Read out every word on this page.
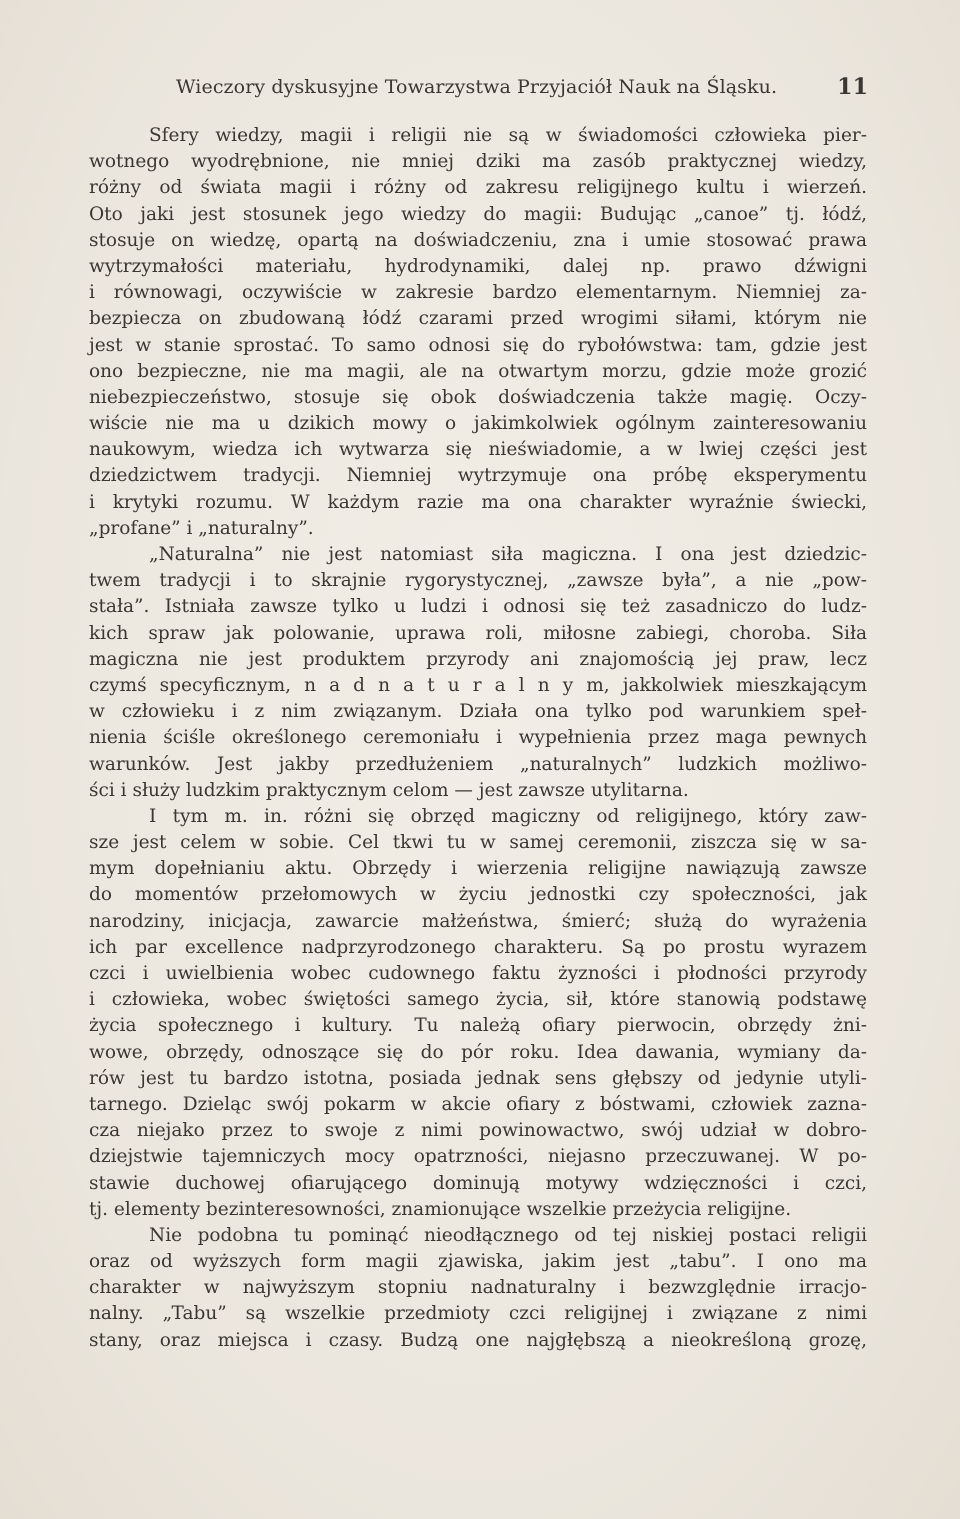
Wieczory dyskusyjne Towarzystwa Przyjaciół Nauk na Śląsku.	11
Sfery wiedzy, magii i religii nie są w świadomości człowieka pier-
wotnego wyodrębnione, nie mniej dziki ma zasób praktycznej wiedzy,
różny od świata magii i różny od zakresu religijnego kultu i wierzeń.
Oto jaki jest stosunek jego wiedzy do magii: Budując „canoe” tj. łódź,
stosuje on wiedzę, opartą na doświadczeniu, zna i umie stosować prawa
wytrzymałości materiału, hydrodynamiki, dalej np. prawo dźwigni
i równowagi, oczywiście w zakresie bardzo elementarnym. Niemniej za-
bezpiecza on zbudowaną łódź czarami przed wrogimi siłami, którym nie
jest w stanie sprostać. To samo odnosi się do rybołówstwa: tam, gdzie jest
ono bezpieczne, nie ma magii, ale na otwartym morzu, gdzie może grozić
niebezpieczeństwo, stosuje się obok doświadczenia także magię. Oczy-
wiście nie ma u dzikich mowy o jakimkolwiek ogólnym zainteresowaniu
naukowym, wiedza ich wytwarza się nieświadomie, a w lwiej części jest
dziedzictwem tradycji. Niemniej wytrzymuje ona próbę eksperymentu
i krytyki rozumu. W każdym razie ma ona charakter wyraźnie świecki,
„profane” i „naturalny”.
„Naturalna” nie jest natomiast siła magiczna. I ona jest dziedzic-
twem tradycji i to skrajnie rygorystycznej, „zawsze była”, a nie „pow-
stała”. Istniała zawsze tylko u ludzi i odnosi się też zasadniczo do ludz-
kich spraw jak polowanie, uprawa roli, miłosne zabiegi, choroba. Siła
magiczna nie jest produktem przyrody ani znajomością jej praw, lecz
czymś specyficznym, n a d n a t u r a l n y m, jakkolwiek mieszkającym
w człowieku i z nim związanym. Działa ona tylko pod warunkiem speł-
nienia ściśle określonego ceremoniału i wypełnienia przez maga pewnych
warunków. Jest jakby przedłużeniem „naturalnych” ludzkich możliwo-
ści i służy ludzkim praktycznym celom — jest zawsze utylitarna.
I tym m. in. różni się obrzęd magiczny od religijnego, który zaw-
sze jest celem w sobie. Cel tkwi tu w samej ceremonii, ziszcza się w sa-
mym dopełnianiu aktu. Obrzędy i wierzenia religijne nawiązują zawsze
do momentów przełomowych w życiu jednostki czy społeczności, jak
narodziny, inicjacja, zawarcie małżeństwa, śmierć; służą do wyrażenia
ich par excellence nadprzyrodzonego charakteru. Są po prostu wyrazem
czci i uwielbienia wobec cudownego faktu żyzności i płodności przyrody
i człowieka, wobec świętości samego życia, sił, które stanowią podstawę
życia społecznego i kultury. Tu należą ofiary pierwocin, obrzędy żni-
wowe, obrzędy, odnoszące się do pór roku. Idea dawania, wymiany da-
rów jest tu bardzo istotna, posiada jednak sens głębszy od jedynie utyli-
tarnego. Dzieląc swój pokarm w akcie ofiary z bóstwami, człowiek zazna-
cza niejako przez to swoje z nimi powinowactwo, swój udział w dobro-
dziejstwie tajemniczych mocy opatrzności, niejasno przeczuwanej. W po-
stawie duchowej ofiarującego dominują motywy wdzięczności i czci,
tj. elementy bezinteresowności, znamionujące wszelkie przeżycia religijne.
Nie podobna tu pominąć nieodłącznego od tej niskiej postaci religii
oraz od wyższych form magii zjawiska, jakim jest „tabu”. I ono ma
charakter w najwyższym stopniu nadnaturalny i bezwzględnie irracjo-
nalny. „Tabu” są wszelkie przedmioty czci religijnej i związane z nimi
stany, oraz miejsca i czasy. Budzą one najgłębszą a nieokreśloną grozę,
